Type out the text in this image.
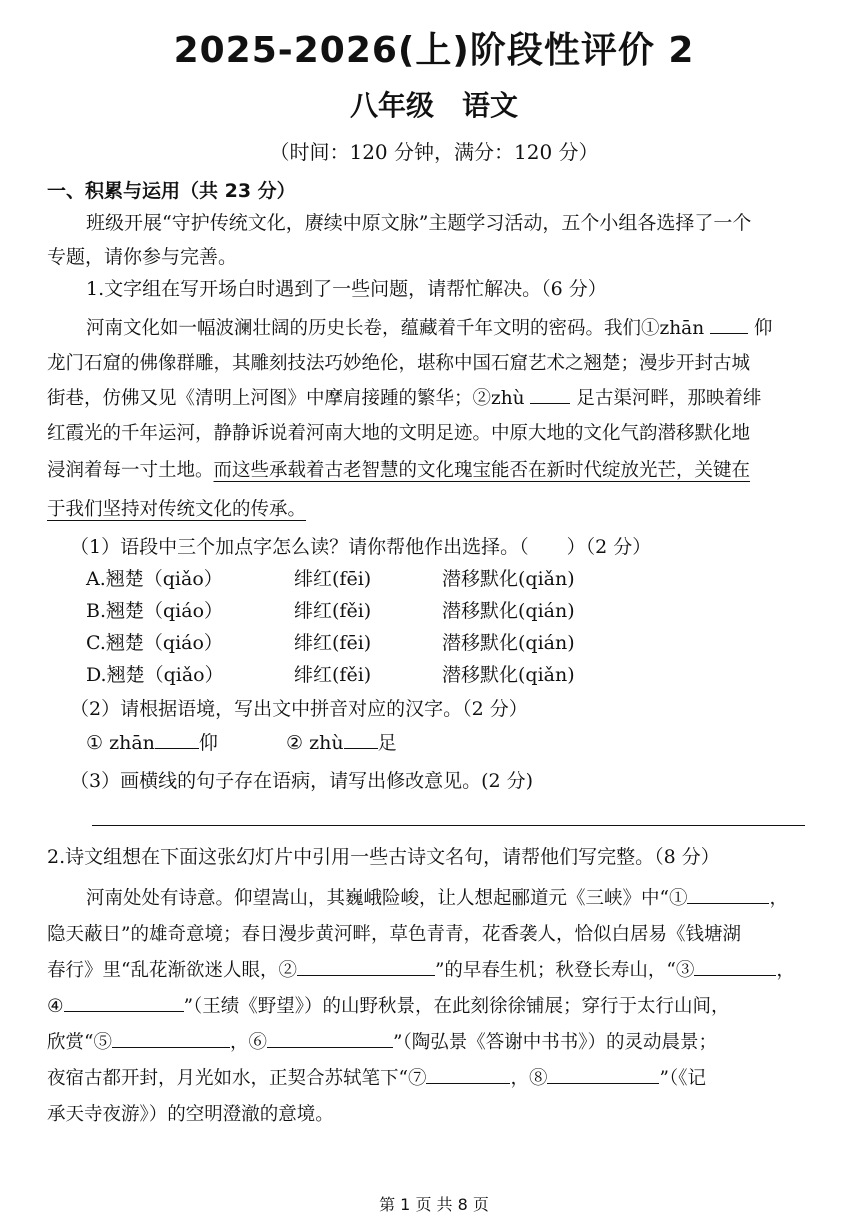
2025-2026(上)阶段性评价 2
八年级　语文
（时间：120 分钟，满分：120 分）
一、积累与运用（共 23 分）
班级开展“守护传统文化，赓续中原文脉”主题学习活动，五个小组各选择了一个
专题，请你参与完善。
1.文字组在写开场白时遇到了一些问题，请帮忙解决。（6 分）
河南文化如一幅波澜壮阔的历史长卷，蕴藏着千年文明的密码。我们①zhān	仰
龙门石窟的佛像群雕，其雕刻技法巧妙绝伦，堪称中国石窟艺术之翘楚；漫步开封古城
街巷，仿佛又见《清明上河图》中摩肩接踵的繁华；②zhù	足古渠河畔，那映着绯
红霞光的千年运河，静静诉说着河南大地的文明足迹。中原大地的文化气韵潜移默化地
浸润着每一寸土地。而这些承载着古老智慧的文化瑰宝能否在新时代绽放光芒，关键在
于我们坚持对传统文化的传承。
（1）语段中三个加点字怎么读？请你帮他作出选择。（　　）（2 分）
A.翘楚（qiǎo）	绯红(fēi)	潜移默化(qiǎn)
B.翘楚（qiáo）	绯红(fěi)	潜移默化(qián)
C.翘楚（qiáo）	绯红(fēi)	潜移默化(qián)
D.翘楚（qiǎo）	绯红(fěi)	潜移默化(qiǎn)
（2）请根据语境，写出文中拼音对应的汉字。（2 分）
① zhān 仰	② zhù 足
（3）画横线的句子存在语病，请写出修改意见。(2 分)
2.诗文组想在下面这张幻灯片中引用一些古诗文名句，请帮他们写完整。（8 分）
河南处处有诗意。仰望嵩山，其巍峨险峻，让人想起郦道元《三峡》中“①	，
隐天蔽日”的雄奇意境；春日漫步黄河畔，草色青青，花香袭人，恰似白居易《钱塘湖
春行》里“乱花渐欲迷人眼，②	”的早春生机；秋登长寿山，“③	，
④	”（王绩《野望》）的山野秋景，在此刻徐徐铺展；穿行于太行山间，
欣赏“⑤	，⑥	”（陶弘景《答谢中书书》）的灵动晨景；
夜宿古都开封，月光如水，正契合苏轼笔下“⑦	，⑧	”（《记
承天寺夜游》）的空明澄澈的意境。
第 1 页 共 8 页
